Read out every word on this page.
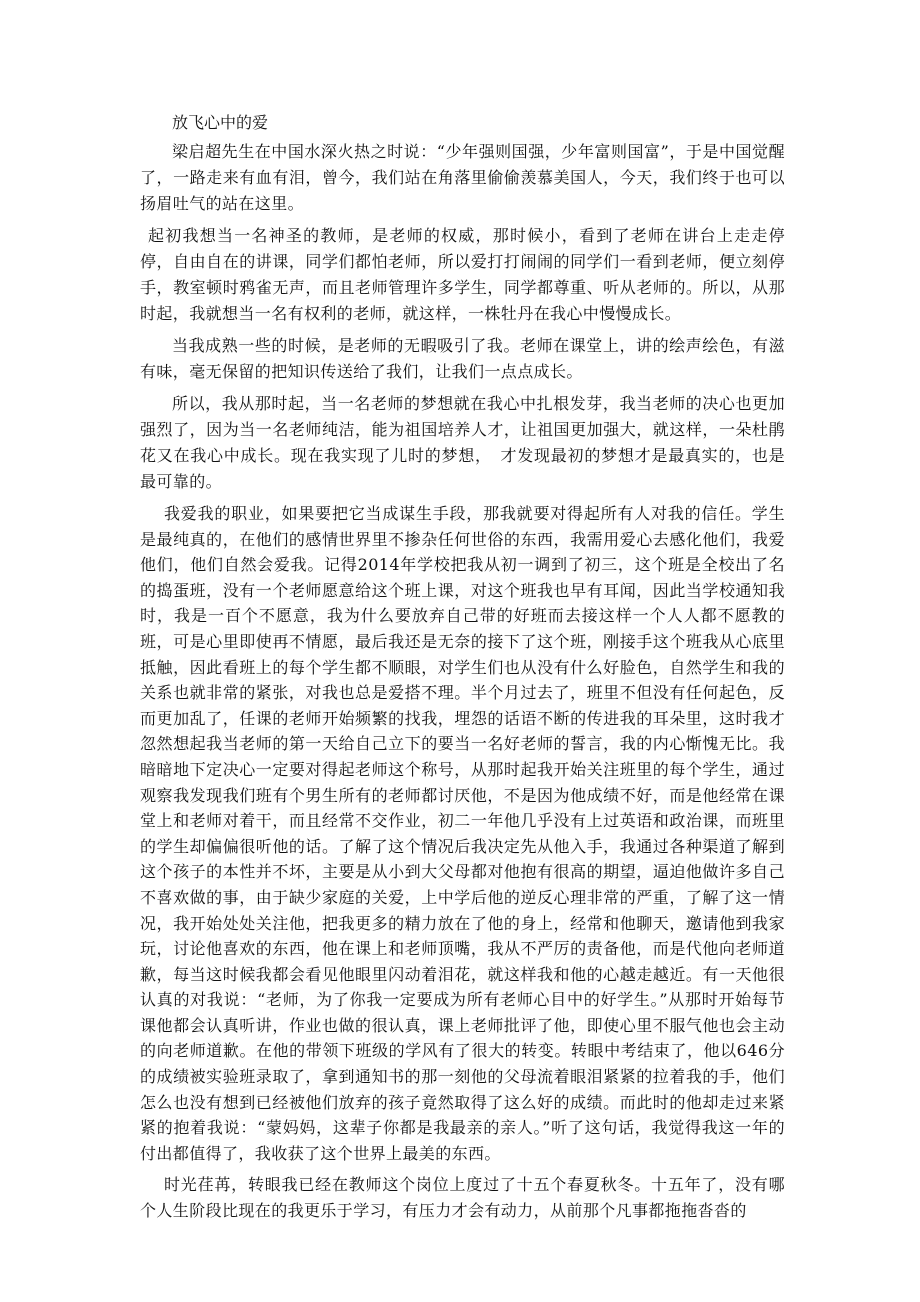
放飞心中的爱

梁启超先生在中国水深火热之时说：“少年强则国强，少年富则国富”，于是中国觉醒了，一路走来有血有泪，曾今，我们站在角落里偷偷羡慕美国人，今天，我们终于也可以扬眉吐气的站在这里。

起初我想当一名神圣的教师，是老师的权威，那时候小，看到了老师在讲台上走走停停，自由自在的讲课，同学们都怕老师，所以爱打打闹闹的同学们一看到老师，便立刻停手，教室顿时鸦雀无声，而且老师管理许多学生，同学都尊重、听从老师的。所以，从那时起，我就想当一名有权利的老师，就这样，一株牡丹在我心中慢慢成长。

当我成熟一些的时候，是老师的无暇吸引了我。老师在课堂上，讲的绘声绘色，有滋有味，毫无保留的把知识传送给了我们，让我们一点点成长。

所以，我从那时起，当一名老师的梦想就在我心中扎根发芽，我当老师的决心也更加强烈了，因为当一名老师纯洁，能为祖国培养人才，让祖国更加强大，就这样，一朵杜鹃花又在我心中成长。现在我实现了儿时的梦想，　才发现最初的梦想才是最真实的，也是最可靠的。

我爱我的职业，如果要把它当成谋生手段，那我就要对得起所有人对我的信任。学生是最纯真的，在他们的感情世界里不掺杂任何世俗的东西，我需用爱心去感化他们，我爱他们，他们自然会爱我。记得2014年学校把我从初一调到了初三，这个班是全校出了名的捣蛋班，没有一个老师愿意给这个班上课，对这个班我也早有耳闻，因此当学校通知我时，我是一百个不愿意，我为什么要放弃自己带的好班而去接这样一个人人都不愿教的班，可是心里即使再不情愿，最后我还是无奈的接下了这个班，刚接手这个班我从心底里抵触，因此看班上的每个学生都不顺眼，对学生们也从没有什么好脸色，自然学生和我的关系也就非常的紧张，对我也总是爱搭不理。半个月过去了，班里不但没有任何起色，反而更加乱了，任课的老师开始频繁的找我，埋怨的话语不断的传进我的耳朵里，这时我才忽然想起我当老师的第一天给自己立下的要当一名好老师的誓言，我的内心惭愧无比。我暗暗地下定决心一定要对得起老师这个称号，从那时起我开始关注班里的每个学生，通过观察我发现我们班有个男生所有的老师都讨厌他，不是因为他成绩不好，而是他经常在课堂上和老师对着干，而且经常不交作业，初二一年他几乎没有上过英语和政治课，而班里的学生却偏偏很听他的话。了解了这个情况后我决定先从他入手，我通过各种渠道了解到这个孩子的本性并不坏，主要是从小到大父母都对他抱有很高的期望，逼迫他做许多自己不喜欢做的事，由于缺少家庭的关爱，上中学后他的逆反心理非常的严重，了解了这一情况，我开始处处关注他，把我更多的精力放在了他的身上，经常和他聊天，邀请他到我家玩，讨论他喜欢的东西，他在课上和老师顶嘴，我从不严厉的责备他，而是代他向老师道歉，每当这时候我都会看见他眼里闪动着泪花，就这样我和他的心越走越近。有一天他很认真的对我说：“老师，为了你我一定要成为所有老师心目中的好学生。”从那时开始每节课他都会认真听讲，作业也做的很认真，课上老师批评了他，即使心里不服气他也会主动的向老师道歉。在他的带领下班级的学风有了很大的转变。转眼中考结束了，他以646分的成绩被实验班录取了，拿到通知书的那一刻他的父母流着眼泪紧紧的拉着我的手，他们怎么也没有想到已经被他们放弃的孩子竟然取得了这么好的成绩。而此时的他却走过来紧紧的抱着我说：“蒙妈妈，这辈子你都是我最亲的亲人。”听了这句话，我觉得我这一年的付出都值得了，我收获了这个世界上最美的东西。

时光荏苒，转眼我已经在教师这个岗位上度过了十五个春夏秋冬。十五年了，没有哪个人生阶段比现在的我更乐于学习，有压力才会有动力，从前那个凡事都拖拖沓沓的
